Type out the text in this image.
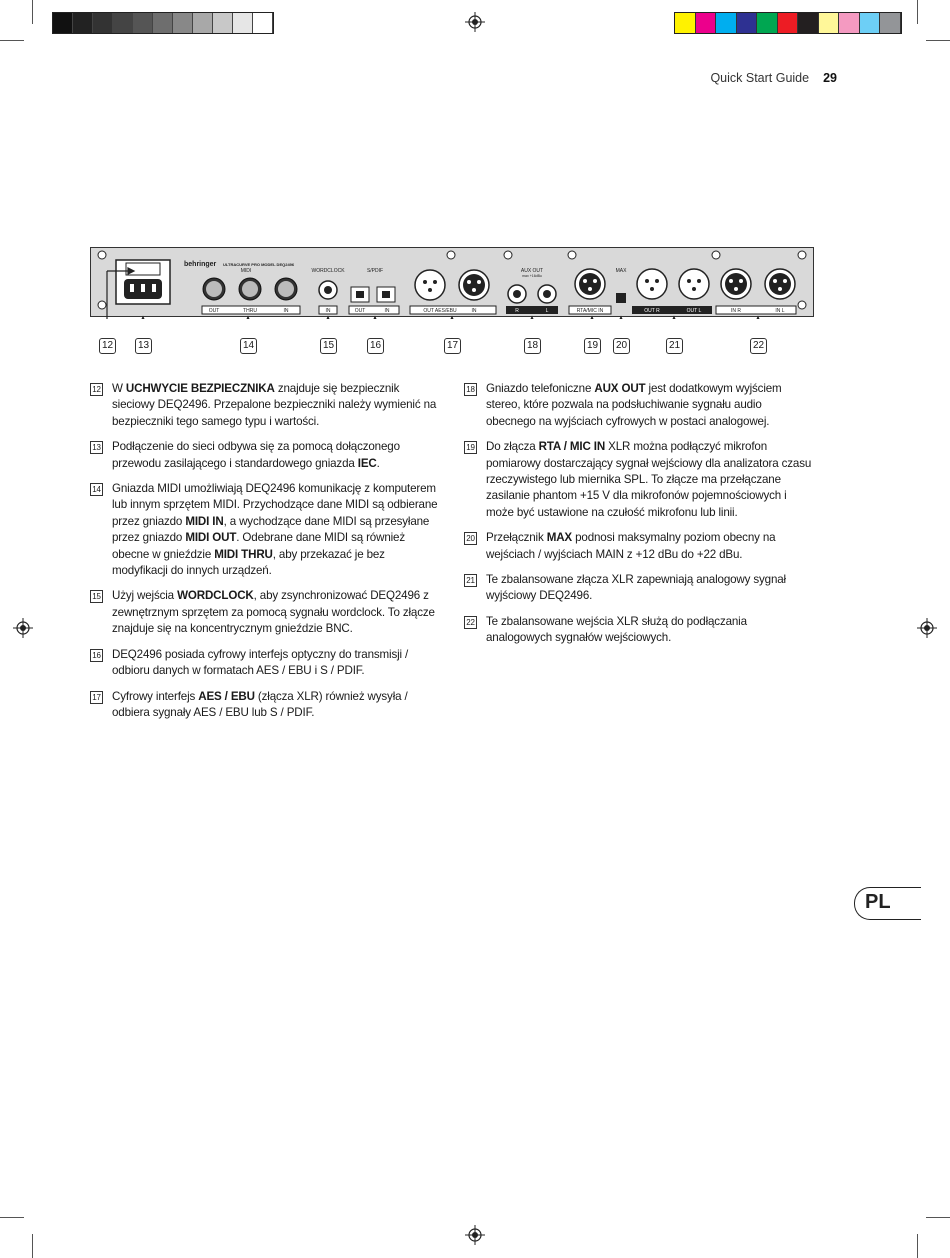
Quick Start Guide 29
behringer ULTRACURVE PRO MODEL DEQ2496
MIDI
OUT	THRU	IN
WORDCLOCK
IN
S/PDIF
OUT	IN	OUT AES/EBU	IN
AUX OUT
max +16dBu
R	L	RTA/MIC IN
MAX
OUT R	OUT L	IN R	IN L
12 13	14	15	16	17	18	19 20	21	22
12 W UCHWYCIE BEZPIECZNIKA znajduje się bezpiecznik sieciowy DEQ2496. Przepalone bezpieczniki należy wymienić na bezpieczniki tego samego typu i wartości.
13 Podłączenie do sieci odbywa się za pomocą dołączonego przewodu zasilającego i standardowego gniazda IEC.
14 Gniazda MIDI umożliwiają DEQ2496 komunikację z komputerem lub innym sprzętem MIDI. Przychodzące dane MIDI są odbierane przez gniazdo MIDI IN, a wychodzące dane MIDI są przesyłane przez gniazdo MIDI OUT. Odebrane dane MIDI są również obecne w gnieździe MIDI THRU, aby przekazać je bez modyfikacji do innych urządzeń.
15 Użyj wejścia WORDCLOCK, aby zsynchronizować DEQ2496 z zewnętrznym sprzętem za pomocą sygnału wordclock. To złącze znajduje się na koncentrycznym gnieździe BNC.
16 DEQ2496 posiada cyfrowy interfejs optyczny do transmisji / odbioru danych w formatach AES / EBU i S / PDIF.
17 Cyfrowy interfejs AES / EBU (złącza XLR) również wysyła / odbiera sygnały AES / EBU lub S / PDIF.
18 Gniazdo telefoniczne AUX OUT jest dodatkowym wyjściem stereo, które pozwala na podsłuchiwanie sygnału audio obecnego na wyjściach cyfrowych w postaci analogowej.
19 Do złącza RTA / MIC IN XLR można podłączyć mikrofon pomiarowy dostarczający sygnał wejściowy dla analizatora czasu rzeczywistego lub miernika SPL. To złącze ma przełączane zasilanie phantom +15 V dla mikrofonów pojemnościowych i może być ustawione na czułość mikrofonu lub linii.
20 Przełącznik MAX podnosi maksymalny poziom obecny na wejściach / wyjściach MAIN z +12 dBu do +22 dBu.
21 Te zbalansowane złącza XLR zapewniają analogowy sygnał wyjściowy DEQ2496.
22 Te zbalansowane wejścia XLR służą do podłączania analogowych sygnałów wejściowych.
PL
